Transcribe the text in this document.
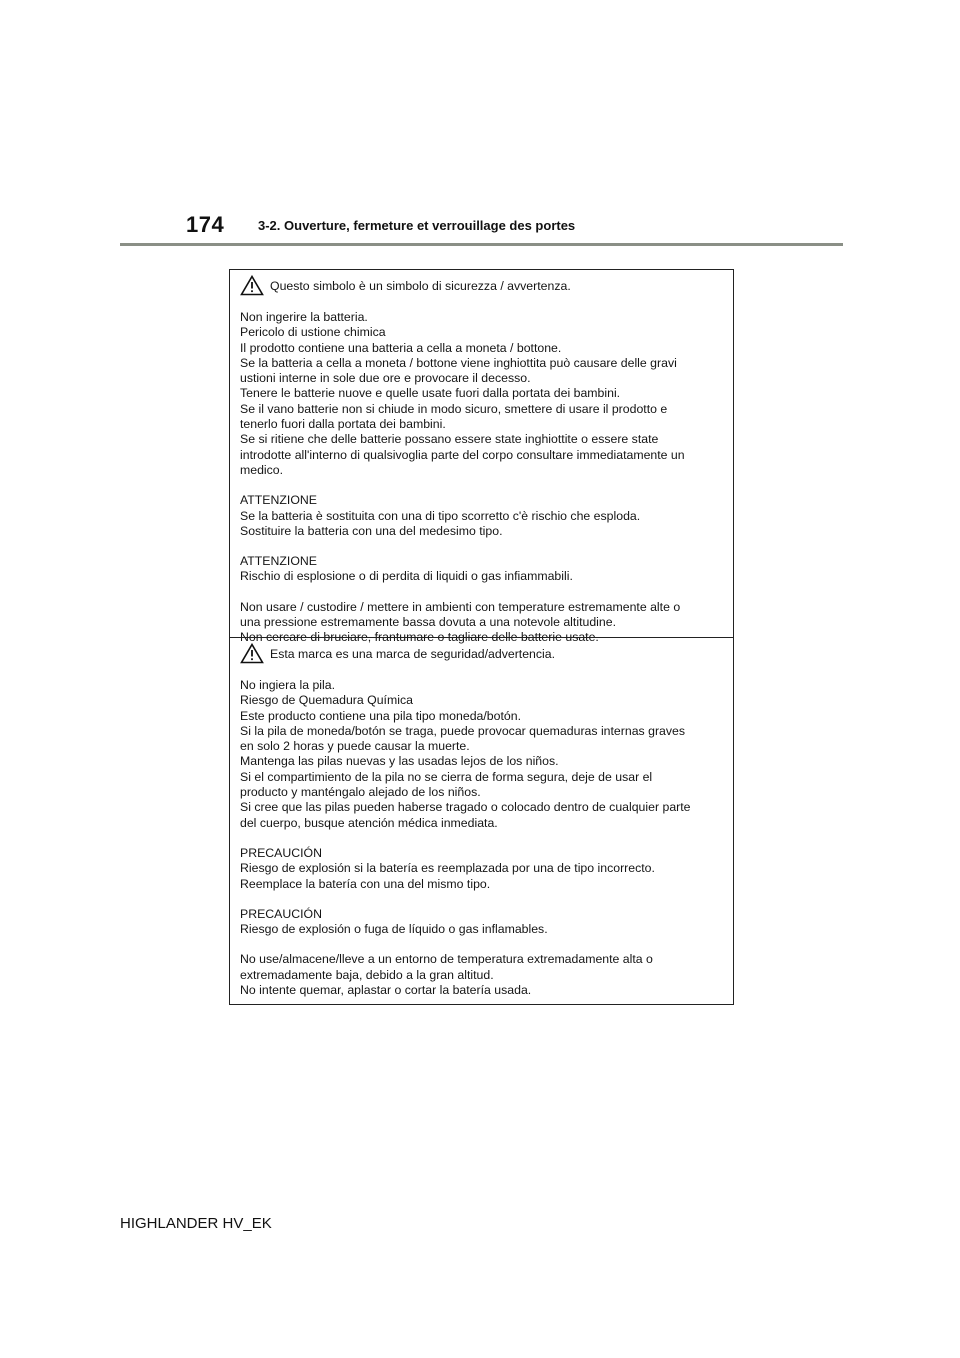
174	3-2. Ouverture, fermeture et verrouillage des portes
Questo simbolo è un simbolo di sicurezza / avvertenza.
Non ingerire la batteria.
Pericolo di ustione chimica
Il prodotto contiene una batteria a cella a moneta / bottone.
Se la batteria a cella a moneta / bottone viene inghiottita può causare delle gravi
ustioni interne in sole due ore e provocare il decesso.
Tenere le batterie nuove e quelle usate fuori dalla portata dei bambini.
Se il vano batterie non si chiude in modo sicuro, smettere di usare il prodotto e
tenerlo fuori dalla portata dei bambini.
Se si ritiene che delle batterie possano essere state inghiottite o essere state
introdotte all'interno di qualsivoglia parte del corpo consultare immediatamente un
medico.
ATTENZIONE
Se la batteria è sostituita con una di tipo scorretto c'è rischio che esploda.
Sostituire la batteria con una del medesimo tipo.
ATTENZIONE
Rischio di esplosione o di perdita di liquidi o gas infiammabili.
Non usare / custodire / mettere in ambienti con temperature estremamente alte o
una pressione estremamente bassa dovuta a una notevole altitudine.
Non cercare di bruciare, frantumare o tagliare delle batterie usate.
Esta marca es una marca de seguridad/advertencia.
No ingiera la pila.
Riesgo de Quemadura Química
Este producto contiene una pila tipo moneda/botón.
Si la pila de moneda/botón se traga, puede provocar quemaduras internas graves
en solo 2 horas y puede causar la muerte.
Mantenga las pilas nuevas y las usadas lejos de los niños.
Si el compartimiento de la pila no se cierra de forma segura, deje de usar el
producto y manténgalo alejado de los niños.
Si cree que las pilas pueden haberse tragado o colocado dentro de cualquier parte
del cuerpo, busque atención médica inmediata.
PRECAUCIÓN
Riesgo de explosión si la batería es reemplazada por una de tipo incorrecto.
Reemplace la batería con una del mismo tipo.
PRECAUCIÓN
Riesgo de explosión o fuga de líquido o gas inflamables.
No use/almacene/lleve a un entorno de temperatura extremadamente alta o
extremadamente baja, debido a la gran altitud.
No intente quemar, aplastar o cortar la batería usada.
HIGHLANDER HV_EK
